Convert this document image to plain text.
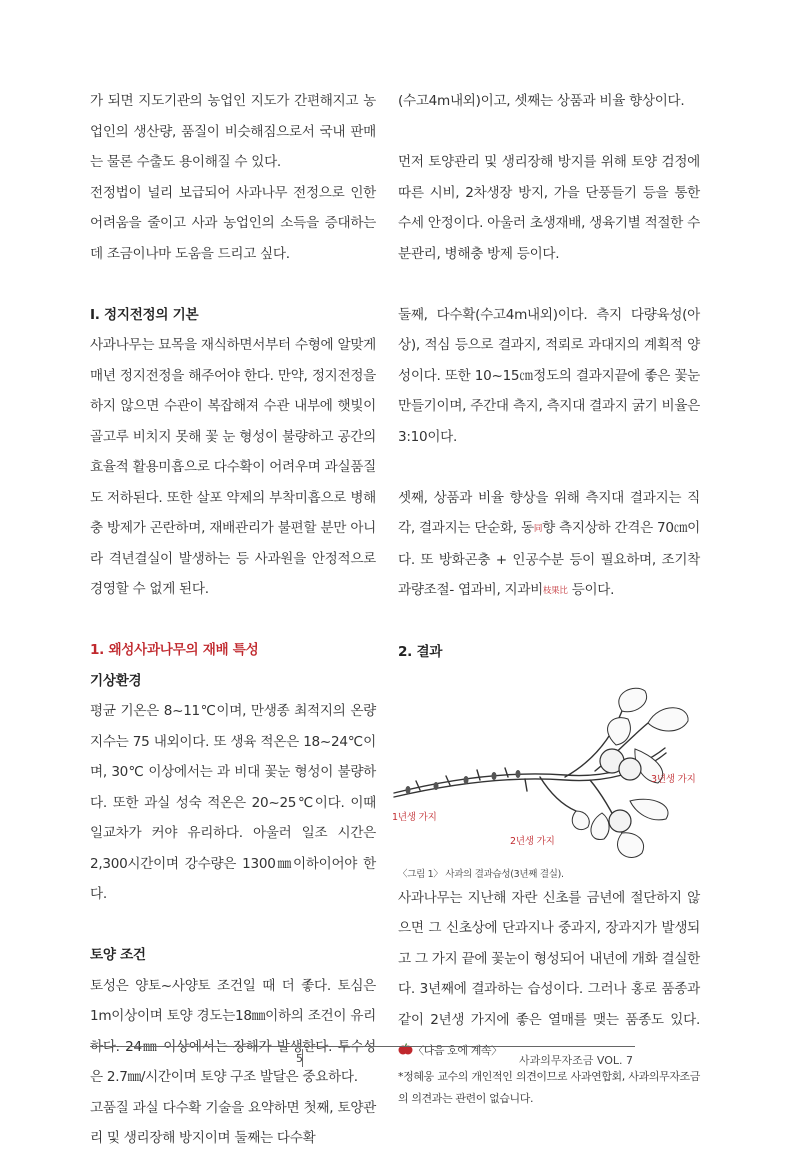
가 되면 지도기관의 농업인 지도가 간편해지고 농업인의 생산량, 품질이 비슷해짐으로서 국내 판매는 물론 수출도 용이해질 수 있다.

전정법이 널리 보급되어 사과나무 전정으로 인한 어려움을 줄이고 사과 농업인의 소득을 증대하는데 조금이나마 도움을 드리고 싶다.

Ⅰ. 정지전정의 기본

사과나무는 묘목을 재식하면서부터 수형에 알맞게 매년 정지전정을 해주어야 한다. 만약, 정지전정을 하지 않으면 수관이 복잡해져 수관 내부에 햇빛이 골고루 비치지 못해 꽃 눈 형성이 불량하고 공간의 효율적 활용미흡으로 다수확이 어려우며 과실품질도 저하된다. 또한 살포 약제의 부착미흡으로 병해충 방제가 곤란하며, 재배관리가 불편할 분만 아니라 격년결실이 발생하는 등 사과원을 안정적으로 경영할 수 없게 된다.

1. 왜성사과나무의 재배 특성

기상환경

평균 기온은 8~11℃이며, 만생종 최적지의 온량 지수는 75 내외이다. 또 생육 적온은 18~24℃이며, 30℃ 이상에서는 과 비대 꽃눈 형성이 불량하다. 또한 과실 성숙 적온은 20~25℃이다. 이때 일교차가 커야 유리하다. 아울러 일조 시간은 2,300시간이며 강수량은 1300㎜이하이어야 한다.

토양 조건

토성은 양토~사양토 조건일 때 더 좋다. 토심은 1m이상이며 토양 경도는18㎜이하의 조건이 유리하다. 24㎜ 이상에서는 장해가 발생한다. 투수성은 2.7㎜/시간이며 토양 구조 발달은 중요하다.

고품질 과실 다수확 기술을 요약하면 첫째, 토양관리 및 생리장해 방지이며 둘째는 다수확

(수고4m내외)이고, 셋째는 상품과 비율 향상이다.

먼저 토양관리 및 생리장해 방지를 위해 토양 검정에 따른 시비, 2차생장 방지, 가을 단풍들기 등을 통한 수세 안정이다. 아울러 초생재배, 생육기별 적절한 수분관리, 병해충 방제 등이다.

둘째, 다수확(수고4m내외)이다. 측지 다량육성(아상), 적심 등으로 결과지, 적뢰로 과대지의 계획적 양성이다. 또한 10~15㎝정도의 결과지끝에 좋은 꽃눈 만들기이며, 주간대 측지, 측지대 결과지 굵기 비율은 3:10이다.

셋째, 상품과 비율 향상을 위해 측지대 결과지는 직각, 결과지는 단순화, 동同향 측지상하 간격은 70㎝이다. 또 방화곤충 + 인공수분 등이 필요하며, 조기착과량조절- 엽과비, 지과비枝果比 등이다.

2. 결과

3년생 가지
1년생 가지
2년생 가지

〈그림 1〉 사과의 결과습성(3년째 결실).

사과나무는 지난해 자란 신초를 금년에 절단하지 않으면 그 신초상에 단과지나 중과지, 장과지가 발생되고 그 가지 끝에 꽃눈이 형성되어 내년에 개화 결실한다. 3년째에 결과하는 습성이다. 그러나 홍로 품종과 같이 2년생 가지에 좋은 열매를 맺는 품종도 있다. 〈다음 호에 계속〉

*정혜웅 교수의 개인적인 의견이므로 사과연합회, 사과의무자조금의 의견과는 관련이 없습니다.

5	사과의무자조금 VOL. 7
